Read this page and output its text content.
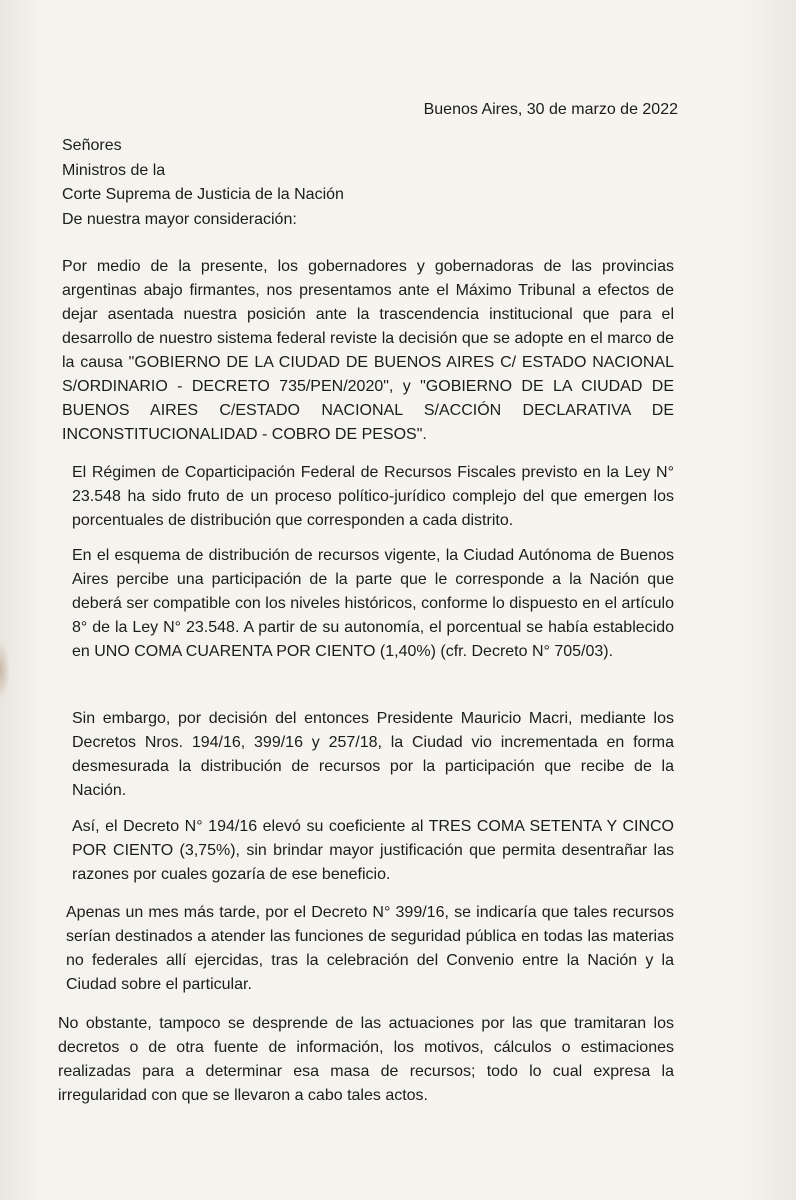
Buenos Aires, 30 de marzo de 2022
Señores
Ministros de la
Corte Suprema de Justicia de la Nación
De nuestra mayor consideración:

Por medio de la presente, los gobernadores y gobernadoras de las provincias argentinas abajo firmantes, nos presentamos ante el Máximo Tribunal a efectos de dejar asentada nuestra posición ante la trascendencia institucional que para el desarrollo de nuestro sistema federal reviste la decisión que se adopte en el marco de la causa "GOBIERNO DE LA CIUDAD DE BUENOS AIRES C/ ESTADO NACIONAL S/ORDINARIO - DECRETO 735/PEN/2020", y "GOBIERNO DE LA CIUDAD DE BUENOS AIRES C/ESTADO NACIONAL S/ACCIÓN DECLARATIVA DE INCONSTITUCIONALIDAD - COBRO DE PESOS".

El Régimen de Coparticipación Federal de Recursos Fiscales previsto en la Ley N° 23.548 ha sido fruto de un proceso político-jurídico complejo del que emergen los porcentuales de distribución que corresponden a cada distrito.

En el esquema de distribución de recursos vigente, la Ciudad Autónoma de Buenos Aires percibe una participación de la parte que le corresponde a la Nación que deberá ser compatible con los niveles históricos, conforme lo dispuesto en el artículo 8° de la Ley N° 23.548. A partir de su autonomía, el porcentual se había establecido en UNO COMA CUARENTA POR CIENTO (1,40%) (cfr. Decreto N° 705/03).

Sin embargo, por decisión del entonces Presidente Mauricio Macri, mediante los Decretos Nros. 194/16, 399/16 y 257/18, la Ciudad vio incrementada en forma desmesurada la distribución de recursos por la participación que recibe de la Nación.

Así, el Decreto N° 194/16 elevó su coeficiente al TRES COMA SETENTA Y CINCO POR CIENTO (3,75%), sin brindar mayor justificación que permita desentrañar las razones por cuales gozaría de ese beneficio.

Apenas un mes más tarde, por el Decreto N° 399/16, se indicaría que tales recursos serían destinados a atender las funciones de seguridad pública en todas las materias no federales allí ejercidas, tras la celebración del Convenio entre la Nación y la Ciudad sobre el particular.

No obstante, tampoco se desprende de las actuaciones por las que tramitaran los decretos o de otra fuente de información, los motivos, cálculos o estimaciones realizadas para a determinar esa masa de recursos; todo lo cual expresa la irregularidad con que se llevaron a cabo tales actos.
